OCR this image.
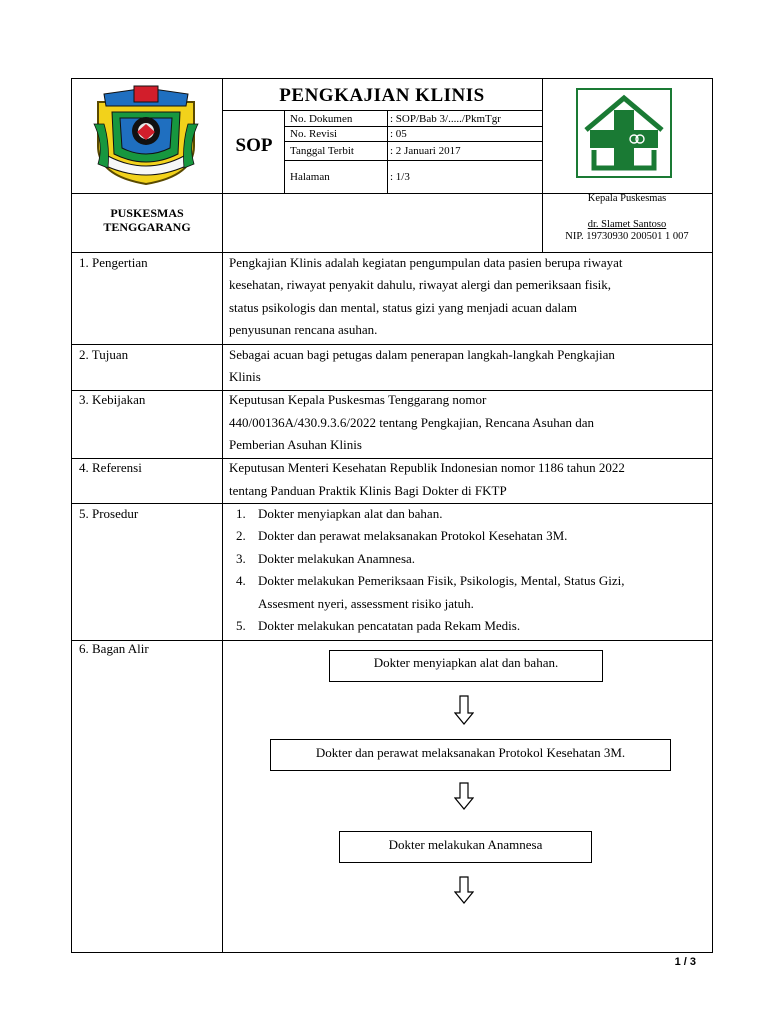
PENGKAJIAN KLINIS
SOP
No. Dokumen	: SOP/Bab 3/...../PkmTgr
No. Revisi	: 05
Tanggal Terbit	: 2 Januari 2017
Halaman	: 1/3
PUSKESMAS
TENGGARANG
Kepala Puskesmas
dr. Slamet Santoso
NIP. 19730930 200501 1 007
1. Pengertian	Pengkajian Klinis adalah kegiatan pengumpulan data pasien berupa riwayat
kesehatan, riwayat penyakit dahulu, riwayat alergi dan pemeriksaan fisik,
status psikologis dan mental, status gizi yang menjadi acuan dalam
penyusunan rencana asuhan.
2. Tujuan	Sebagai acuan bagi petugas dalam penerapan langkah-langkah Pengkajian
Klinis
3. Kebijakan	Keputusan Kepala Puskesmas Tenggarang nomor
440/00136A/430.9.3.6/2022 tentang Pengkajian, Rencana Asuhan dan
Pemberian Asuhan Klinis
4. Referensi	Keputusan Menteri Kesehatan Republik Indonesian nomor 1186 tahun 2022
tentang Panduan Praktik Klinis Bagi Dokter di FKTP
5. Prosedur	1. Dokter menyiapkan alat dan bahan.
2. Dokter dan perawat melaksanakan Protokol Kesehatan 3M.
3. Dokter melakukan Anamnesa.
4. Dokter melakukan Pemeriksaan Fisik, Psikologis, Mental, Status Gizi,
Assesment nyeri, assessment risiko jatuh.
5. Dokter melakukan pencatatan pada Rekam Medis.
6. Bagan Alir
Dokter menyiapkan alat dan bahan.
Dokter dan perawat melaksanakan Protokol Kesehatan 3M.
Dokter melakukan Anamnesa
1 / 3
